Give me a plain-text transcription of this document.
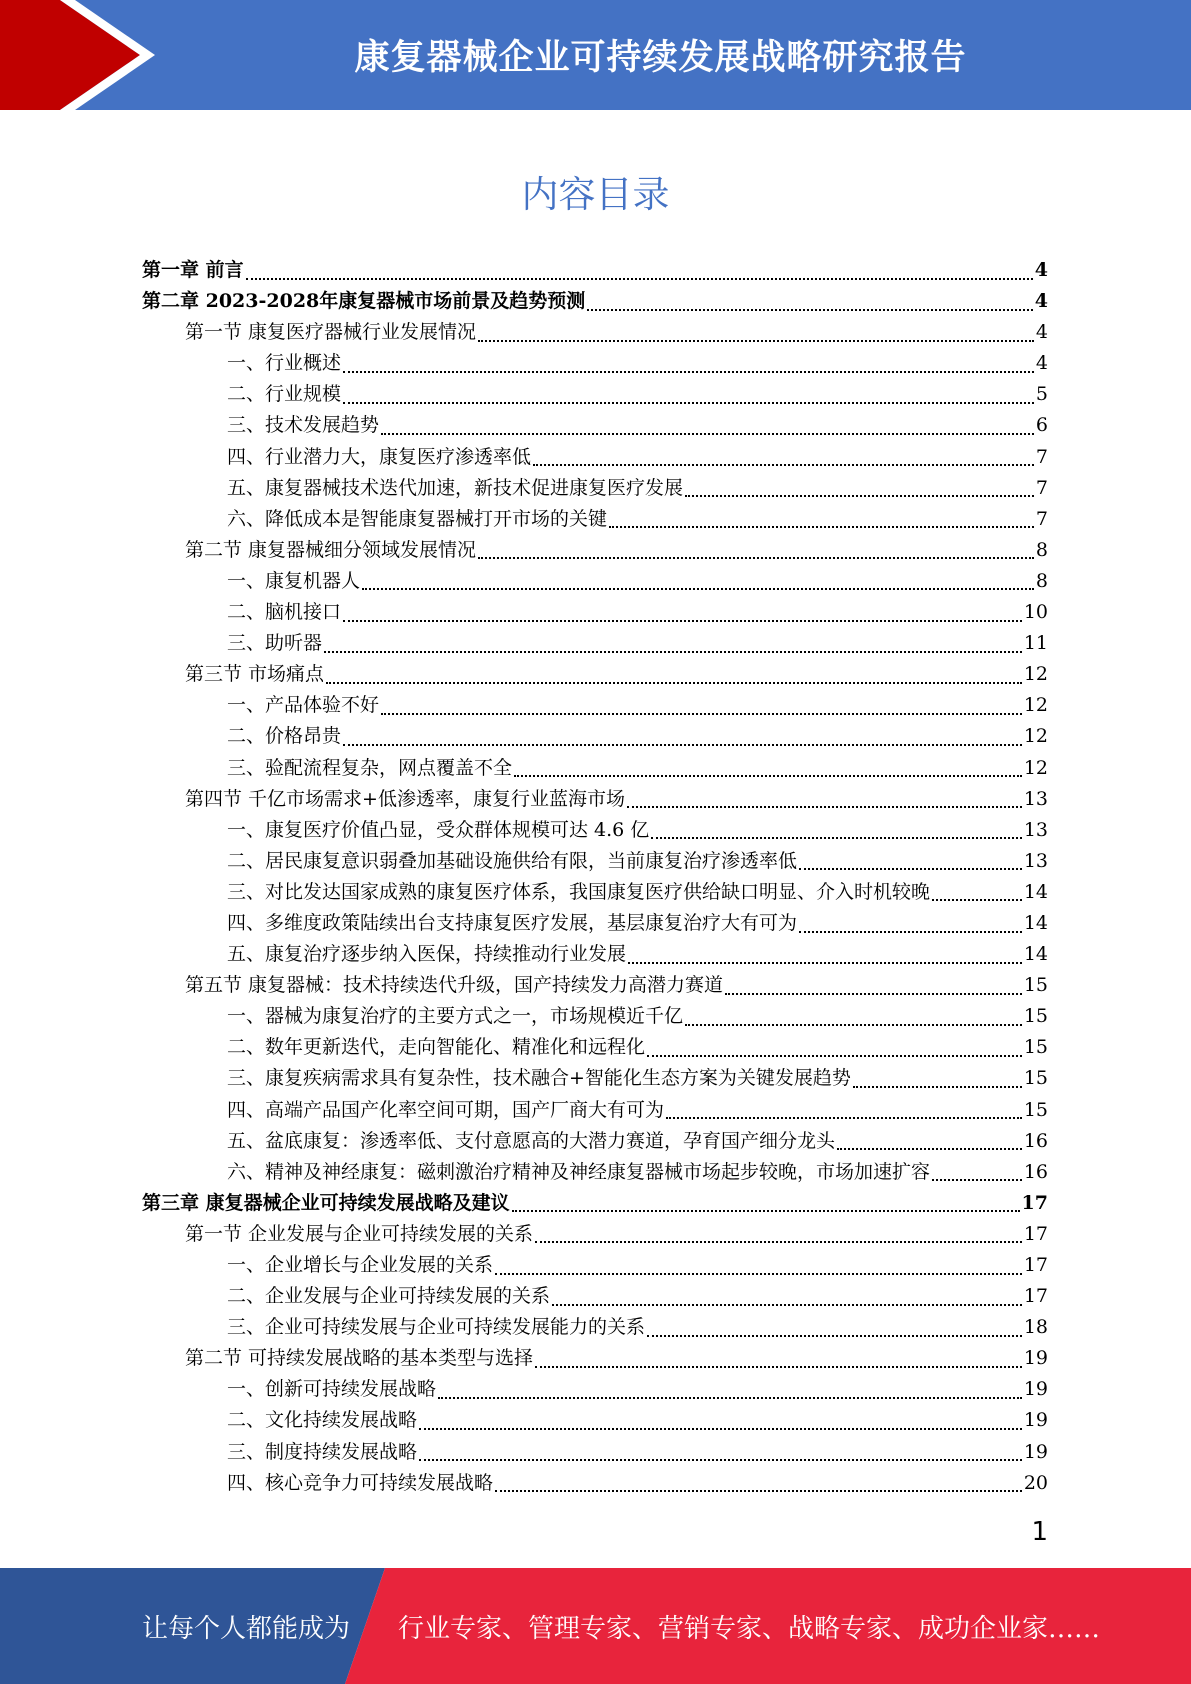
康复器械企业可持续发展战略研究报告
内容目录
第一章 前言	4
第二章 2023-2028年康复器械市场前景及趋势预测	4
第一节 康复医疗器械行业发展情况	4
一、行业概述	4
二、行业规模	5
三、技术发展趋势	6
四、行业潜力大，康复医疗渗透率低	7
五、康复器械技术迭代加速，新技术促进康复医疗发展	7
六、降低成本是智能康复器械打开市场的关键	7
第二节 康复器械细分领域发展情况	8
一、康复机器人	8
二、脑机接口	10
三、助听器	11
第三节 市场痛点	12
一、产品体验不好	12
二、价格昂贵	12
三、验配流程复杂，网点覆盖不全	12
第四节 千亿市场需求+低渗透率，康复行业蓝海市场	13
一、康复医疗价值凸显，受众群体规模可达 4.6 亿	13
二、居民康复意识弱叠加基础设施供给有限，当前康复治疗渗透率低	13
三、对比发达国家成熟的康复医疗体系，我国康复医疗供给缺口明显、介入时机较晚	14
四、多维度政策陆续出台支持康复医疗发展，基层康复治疗大有可为	14
五、康复治疗逐步纳入医保，持续推动行业发展	14
第五节 康复器械：技术持续迭代升级，国产持续发力高潜力赛道	15
一、器械为康复治疗的主要方式之一，市场规模近千亿	15
二、数年更新迭代，走向智能化、精准化和远程化	15
三、康复疾病需求具有复杂性，技术融合+智能化生态方案为关键发展趋势	15
四、高端产品国产化率空间可期，国产厂商大有可为	15
五、盆底康复：渗透率低、支付意愿高的大潜力赛道，孕育国产细分龙头	16
六、精神及神经康复：磁刺激治疗精神及神经康复器械市场起步较晚，市场加速扩容	16
第三章 康复器械企业可持续发展战略及建议	17
第一节 企业发展与企业可持续发展的关系	17
一、企业增长与企业发展的关系	17
二、企业发展与企业可持续发展的关系	17
三、企业可持续发展与企业可持续发展能力的关系	18
第二节 可持续发展战略的基本类型与选择	19
一、创新可持续发展战略	19
二、文化持续发展战略	19
三、制度持续发展战略	19
四、核心竞争力可持续发展战略	20
1
让每个人都能成为 行业专家、管理专家、营销专家、战略专家、成功企业家……
